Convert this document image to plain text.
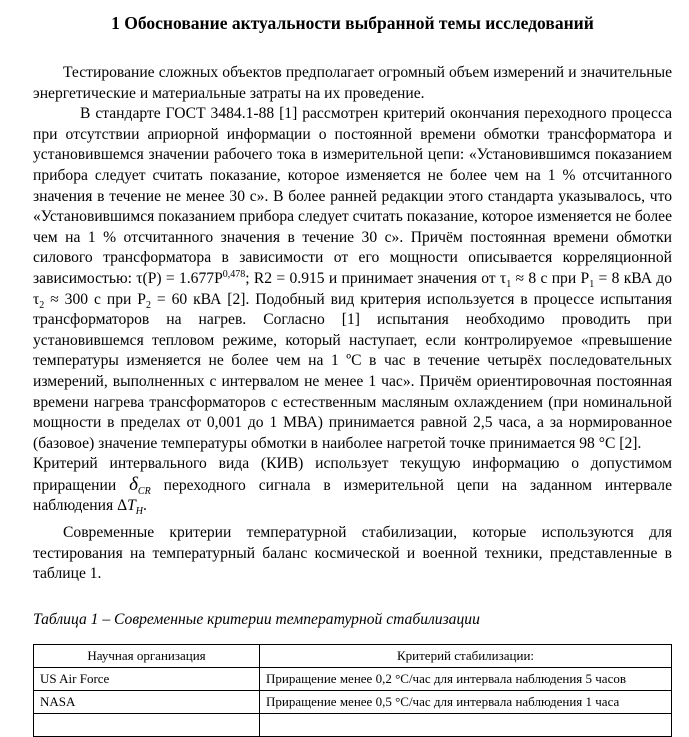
1 Обоснование актуальности выбранной темы исследований

Тестирование сложных объектов предполагает огромный объем измерений и значительные энергетические и материальные затраты на их проведение.

В стандарте ГОСТ 3484.1-88 [1] рассмотрен критерий окончания переходного процесса при отсутствии априорной информации о постоянной времени обмотки трансформатора и установившемся значении рабочего тока в измерительной цепи: «Установившимся показанием прибора следует считать показание, которое изменяется не более чем на 1 % отсчитанного значения в течение не менее 30 с». В более ранней редакции этого стандарта указывалось, что «Установившимся показанием прибора следует считать показание, которое изменяется не более чем на 1 % отсчитанного значения в течение 30 с». Причём постоянная времени обмотки силового трансформатора в зависимости от его мощности описывается корреляционной зависимостью: $\tau(P) = 1.677P^{0,478}$; R2 = 0.915 и принимает значения от $\tau_1 \approx 8$ с при $P_1 = 8$ кВА до $\tau_2 \approx 300$ с при $P_2 = 60$ кВА [2]. Подобный вид критерия используется в процессе испытания трансформаторов на нагрев. Согласно [1] испытания необходимо проводить при установившемся тепловом режиме, который наступает, если контролируемое «превышение температуры изменяется не более чем на 1 ºС в час в течение четырёх последовательных измерений, выполненных с интервалом не менее 1 час». Причём ориентировочная постоянная времени нагрева трансформаторов с естественным масляным охлаждением (при номинальной мощности в пределах от 0,001 до 1 МВА) принимается равной 2,5 часа, а за нормированное (базовое) значение температуры обмотки в наиболее нагретой точке принимается 98 °С [2].

Критерий интервального вида (КИВ) использует текущую информацию о допустимом приращении $\delta_{CR}$ переходного сигнала в измерительной цепи на заданном интервале наблюдения $\Delta T_H$.

Современные критерии температурной стабилизации, которые используются для тестирования на температурный баланс космической и военной техники, представленные в таблице 1.

Таблица 1 – Современные критерии температурной стабилизации
Научная организация	Критерий стабилизации:
US Air Force	Приращение менее 0,2 °С/час для интервала наблюдения 5 часов
NASA	Приращение менее 0,5 °С/час для интервала наблюдения 1 часа
